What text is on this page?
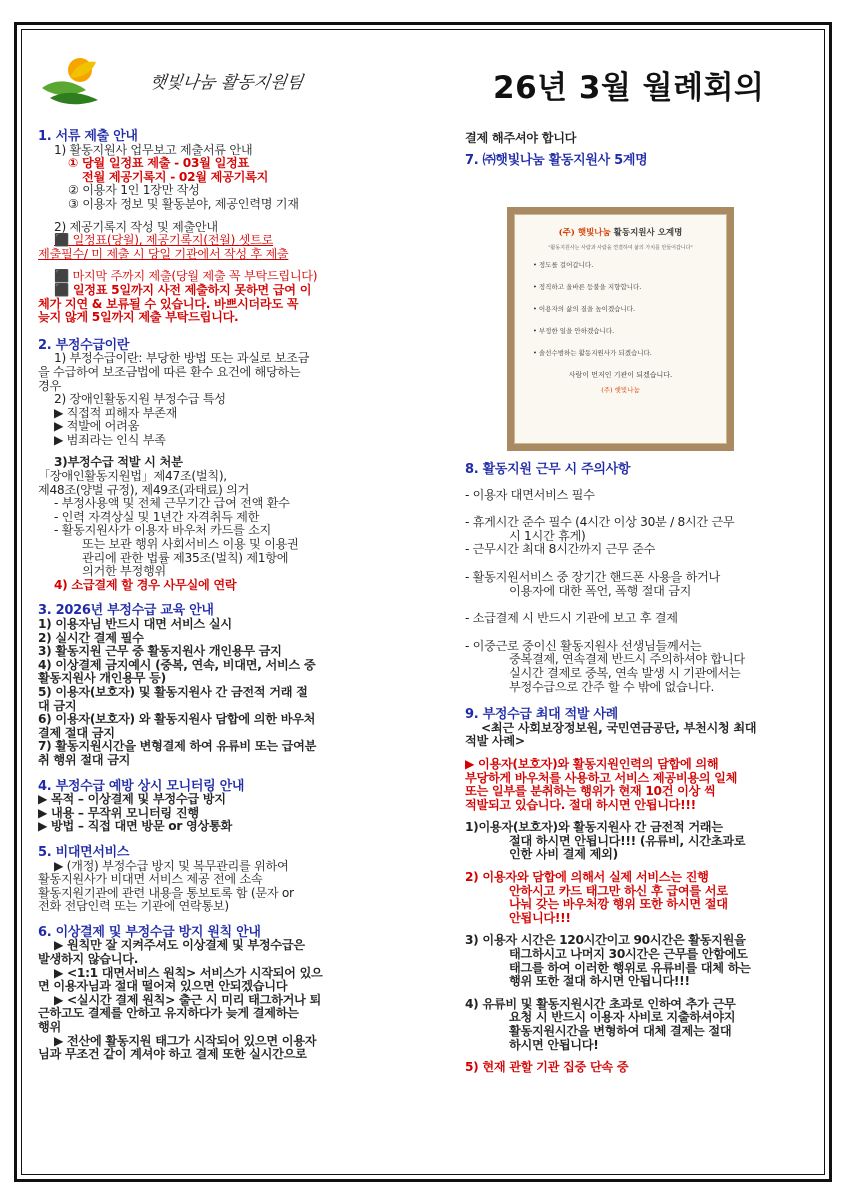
햇빛나눔 활동지원팀	26년 3월 월례회의
1. 서류 제출 안내
1) 활동지원사 업무보고 제출서류 안내
① 당월 일정표 제출 - 03월 일정표
전월 제공기록지 - 02월 제공기록지
② 이용자 1인 1장만 작성
③ 이용자 정보 및 활동분야, 제공인력명 기재
2) 제공기록지 작성 및 제출안내
⬛ 일정표(당월), 제공기록지(전월) 셋트로
제출필수/ 미 제출 시 당일 기관에서 작성 후 제출
⬛ 마지막 주까지 제출(당월 제출 꼭 부탁드립니다)
⬛ 일정표 5일까지 사전 제출하지 못하면 급여 이
체가 지연 & 보류될 수 있습니다. 바쁘시더라도 꼭
늦지 않게 5일까지 제출 부탁드립니다.
2. 부정수급이란
1) 부정수급이란: 부당한 방법 또는 과실로 보조금
을 수급하여 보조금법에 따른 환수 요건에 해당하는
경우
2) 장애인활동지원 부정수급 특성
▶ 직접적 피해자 부존재
▶ 적발에 어려움
▶ 범죄라는 인식 부족
3)부정수급 적발 시 처분
「장애인활동지원법」제47조(벌칙),
제48조(양벌 규정), 제49조(과태료) 의거
- 부정사용액 및 전체 근무기간 급여 전액 환수
- 인력 자격상실 및 1년간 자격취득 제한
- 활동지원사가 이용자 바우처 카드를 소지
또는 보관 행위 사회서비스 이용 및 이용권
관리에 관한 법률 제35조(벌칙) 제1항에
의거한 부정행위
4) 소급결제 할 경우 사무실에 연락
3. 2026년 부정수급 교육 안내
1) 이용자님 반드시 대면 서비스 실시
2) 실시간 결제 필수
3) 활동지원 근무 중 활동지원사 개인용무 금지
4) 이상결제 금지예시 (중복, 연속, 비대면, 서비스 중
활동지원사 개인용무 등)
5) 이용자(보호자) 및 활동지원사 간 금전적 거래 절
대 금지
6) 이용자(보호자) 와 활동지원사 담합에 의한 바우처
결제 절대 금지
7) 활동지원시간을 변형결제 하여 유류비 또는 급여분
취 행위 절대 금지
4. 부정수급 예방 상시 모니터링 안내
▶ 목적 – 이상결제 및 부정수급 방지
▶ 내용 – 무작위 모니터링 진행
▶ 방법 – 직접 대면 방문 or 영상통화
5. 비대면서비스
▶ (개정) 부정수급 방지 및 복무관리를 위하여
활동지원사가 비대면 서비스 제공 전에 소속
활동지원기관에 관련 내용을 통보토록 함 (문자 or
전화 전담인력 또는 기관에 연락통보)
6. 이상결제 및 부정수급 방지 원칙 안내
▶ 원칙만 잘 지켜주셔도 이상결제 및 부정수급은
발생하지 않습니다.
▶ <1:1 대면서비스 원칙> 서비스가 시작되어 있으
면 이용자님과 절대 떨어져 있으면 안되겠습니다
▶ <실시간 결제 원칙> 출근 시 미리 태그하거나 퇴
근하고도 결제를 안하고 유지하다가 늦게 결제하는
행위
▶ 전산에 활동지원 태그가 시작되어 있으면 이용자
님과 무조건 같이 계셔야 하고 결제 또한 실시간으로
결제 해주셔야 합니다
7. ㈜햇빛나눔 활동지원사 5계명
(주) 햇빛나눔 활동지원사 오계명
"활동지원사는 사람과 사람을 연결하여 삶의 가치를 만들어갑니다"
• 정도를 걸어갑니다.
• 정직하고 올바른 등불을 지향합니다.
• 이용자의 삶의 질을 높이겠습니다.
• 부정한 일을 안하겠습니다.
• 솔선수범하는 활동지원사가 되겠습니다.
사람이 먼저인 기관이 되겠습니다.
(주) 햇빛나눔
8. 활동지원 근무 시 주의사항
- 이용자 대면서비스 필수
- 휴게시간 준수 필수 (4시간 이상 30분 / 8시간 근무
시 1시간 휴게)
- 근무시간 최대 8시간까지 근무 준수
- 활동지원서비스 중 장기간 핸드폰 사용을 하거나
이용자에 대한 폭언, 폭행 절대 금지
- 소급결제 시 반드시 기관에 보고 후 결제
- 이중근로 중이신 활동지원사 선생님들께서는
중복결제, 연속결제 반드시 주의하셔야 합니다
실시간 결제로 중복, 연속 발생 시 기관에서는
부정수급으로 간주 할 수 밖에 없습니다.
9. 부정수급 최대 적발 사례
<최근 사회보장정보원, 국민연금공단, 부천시청 최대
적발 사례>
▶ 이용자(보호자)와 활동지원인력의 담합에 의해
부당하게 바우처를 사용하고 서비스 제공비용의 일체
또는 일부를 분취하는 행위가 현재 10건 이상 씩
적발되고 있습니다. 절대 하시면 안됩니다!!!
1)이용자(보호자)와 활동지원사 간 금전적 거래는
절대 하시면 안됩니다!!! (유류비, 시간초과로
인한 사비 결제 제외)
2) 이용자와 담합에 의해서 실제 서비스는 진행
안하시고 카드 태그만 하신 후 급여를 서로
나눠 갖는 바우처깡 행위 또한 하시면 절대
안됩니다!!!
3) 이용자 시간은 120시간이고 90시간은 활동지원을
태그하시고 나머지 30시간은 근무를 안함에도
태그를 하여 이러한 행위로 유류비를 대체 하는
행위 또한 절대 하시면 안됩니다!!!
4) 유류비 및 활동지원시간 초과로 인하여 추가 근무
요청 시 반드시 이용자 사비로 지출하셔야지
활동지원시간을 변형하여 대체 결제는 절대
하시면 안됩니다!
5) 현재 관할 기관 집중 단속 중
